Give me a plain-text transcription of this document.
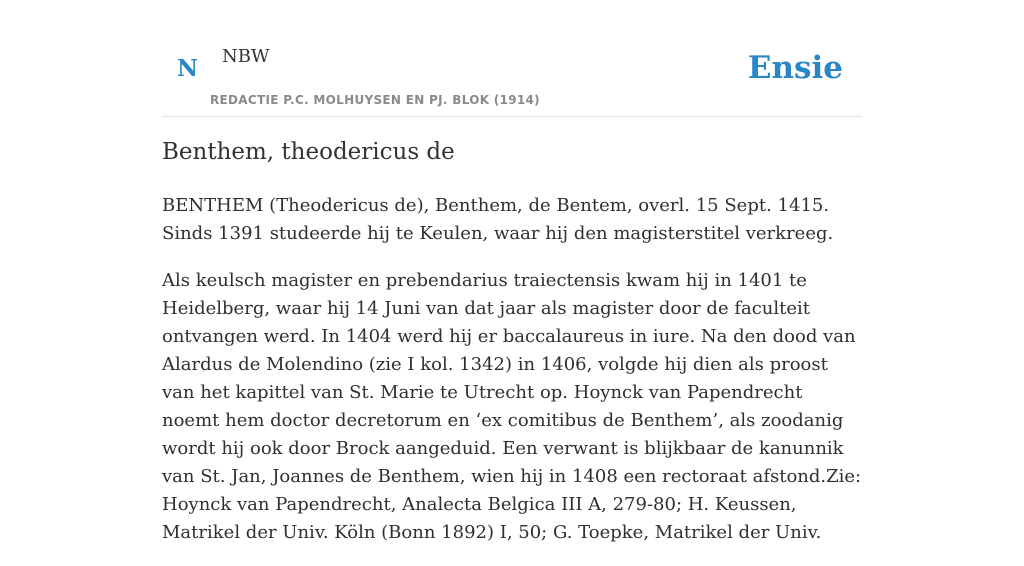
N NBW
REDACTIE P.C. MOLHUYSEN EN PJ. BLOK (1914)
Ensie
Benthem, theodericus de

BENTHEM (Theodericus de), Benthem, de Bentem, overl. 15 Sept. 1415. Sinds 1391 studeerde hij te Keulen, waar hij den magisterstitel verkreeg.

Als keulsch magister en prebendarius traiectensis kwam hij in 1401 te Heidelberg, waar hij 14 Juni van dat jaar als magister door de faculteit ontvangen werd. In 1404 werd hij er baccalaureus in iure. Na den dood van Alardus de Molendino (zie I kol. 1342) in 1406, volgde hij dien als proost van het kapittel van St. Marie te Utrecht op. Hoynck van Papendrecht noemt hem doctor decretorum en ‘ex comitibus de Benthem’, als zoodanig wordt hij ook door Brock aangeduid. Een verwant is blijkbaar de kanunnik van St. Jan, Joannes de Benthem, wien hij in 1408 een rectoraat afstond.Zie: Hoynck van Papendrecht, Analecta Belgica III A, 279-80; H. Keussen, Matrikel der Univ. Köln (Bonn 1892) I, 50; G. Toepke, Matrikel der Univ.
